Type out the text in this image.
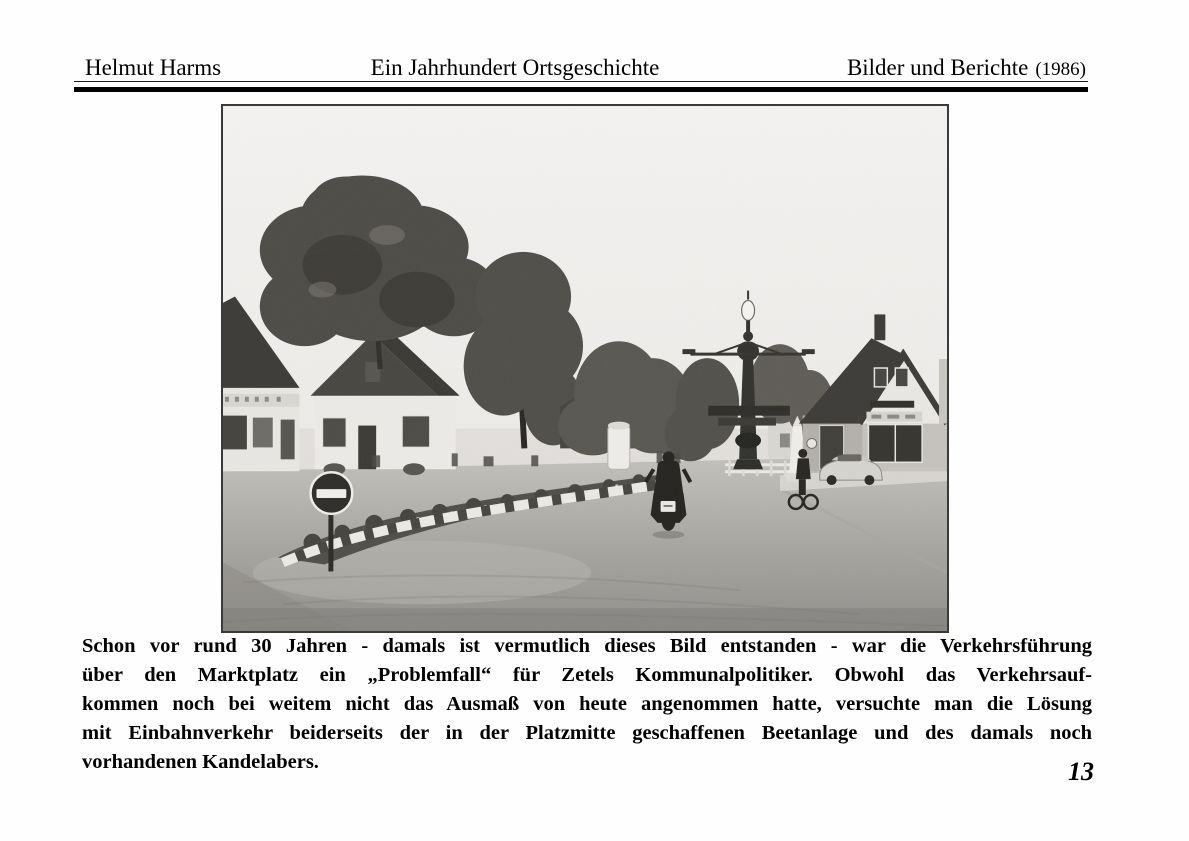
Helmut Harms	Ein Jahrhundert Ortsgeschichte	Bilder und Berichte (1986)
Schon vor rund 30 Jahren - damals ist vermutlich dieses Bild entstanden - war die Verkehrsführung
über den Marktplatz ein „Problemfall“ für Zetels Kommunalpolitiker. Obwohl das Verkehrsauf-
kommen noch bei weitem nicht das Ausmaß von heute angenommen hatte, versuchte man die Lösung
mit Einbahnverkehr beiderseits der in der Platzmitte geschaffenen Beetanlage und des damals noch
vorhandenen Kandelabers.	13
